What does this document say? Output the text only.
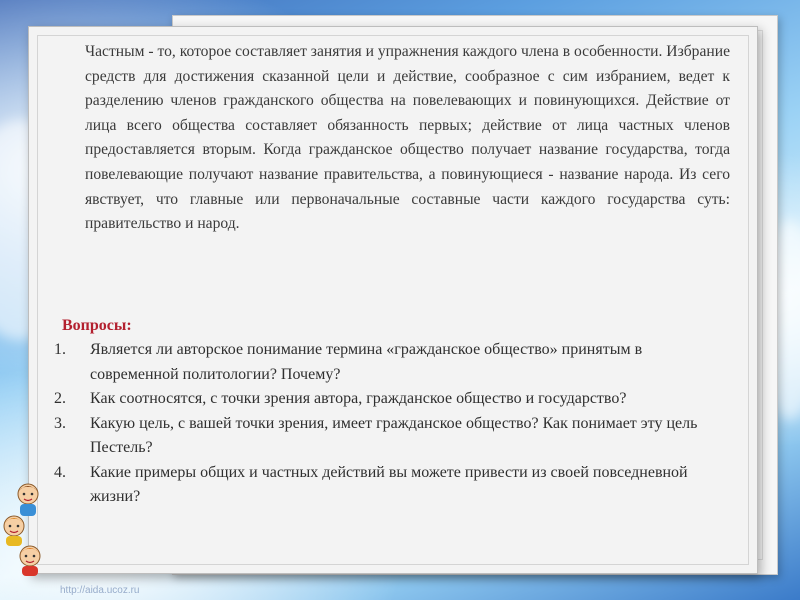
Частным - то, которое составляет занятия и упражнения каждого члена в особенности. Избрание средств для достижения сказанной цели и действие, сообразное с сим избранием, ведет к разделению членов гражданского общества на повелевающих и повинующихся. Действие от лица всего общества составляет обязанность первых; действие от лица частных членов предоставляется вторым. Когда гражданское общество получает название государства, тогда повелевающие получают название правительства, а повинующиеся - название народа. Из сего явствует, что главные или первоначальные составные части каждого государства суть: правительство и народ.

Вопросы:
1. Является ли авторское понимание термина «гражданское общество» принятым в современной политологии? Почему?
2. Как соотносятся, с точки зрения автора, гражданское общество и государство?
3. Какую цель, с вашей точки зрения, имеет гражданское общество? Как понимает эту цель Пестель?
4. Какие примеры общих и частных действий вы можете привести из своей повседневной жизни?
http://aida.ucoz.ru
